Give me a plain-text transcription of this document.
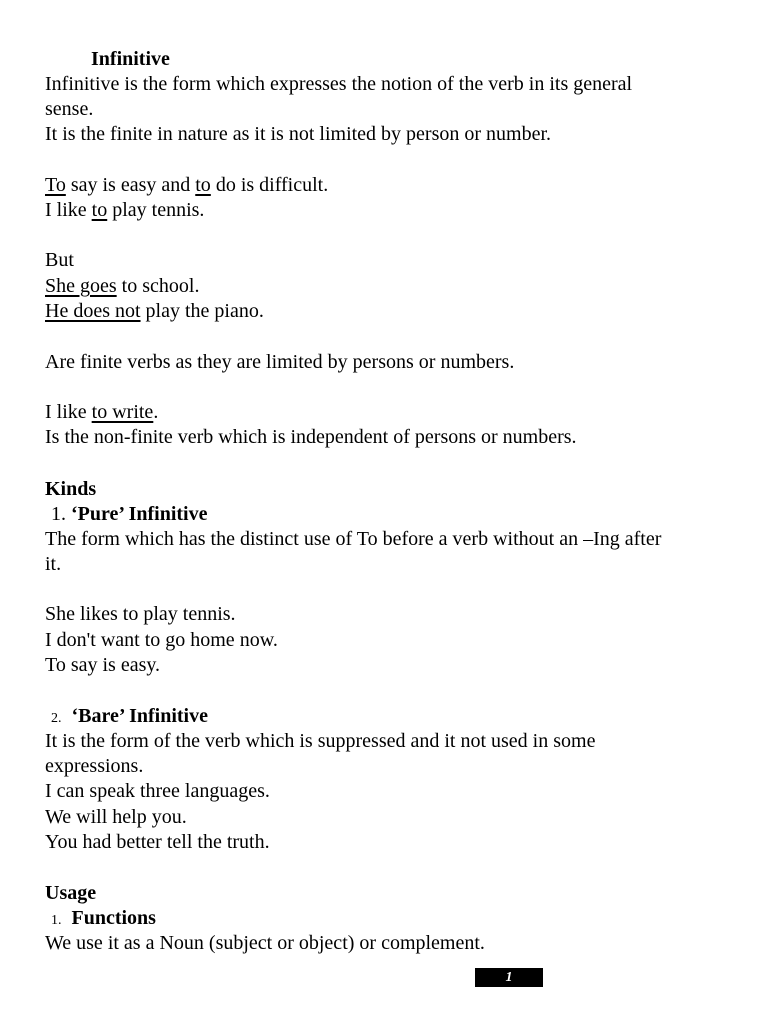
Infinitive
Infinitive is the form which expresses the notion of the verb in its general
sense.
It is the finite in nature as it is not limited by person or number.
To say is easy and to do is difficult.
I like to play tennis.
But
She goes to school.
He does not play the piano.
Are finite verbs as they are limited by persons or numbers.
I like to write.
Is the non-finite verb which is independent of persons or numbers.
Kinds
1. ‘Pure’ Infinitive
The form which has the distinct use of To before a verb without an –Ing after
it.
She likes to play tennis.
I don't want to go home now.
To say is easy.
2. ‘Bare’ Infinitive
It is the form of the verb which is suppressed and it not used in some
expressions.
I can speak three languages.
We will help you.
You had better tell the truth.
Usage
1. Functions
We use it as a Noun (subject or object) or complement.
1
